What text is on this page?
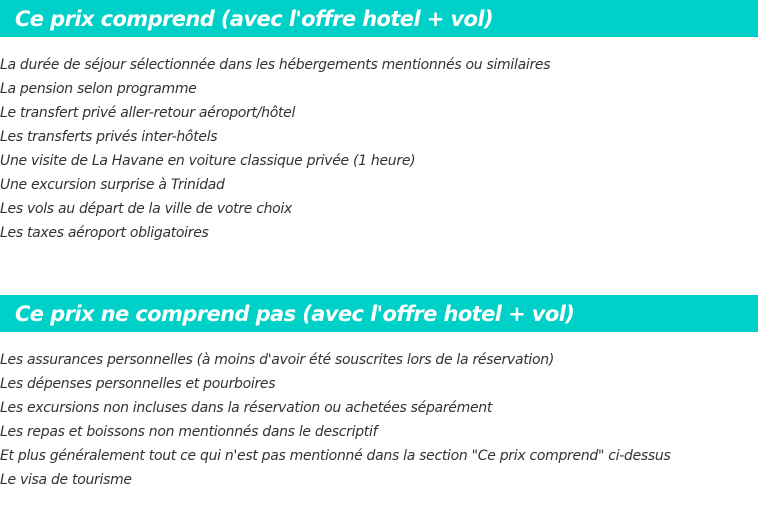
Ce prix comprend (avec l'offre hotel + vol)
La durée de séjour sélectionnée dans les hébergements mentionnés ou similaires
La pension selon programme
Le transfert privé aller-retour aéroport/hôtel
Les transferts privés inter-hôtels
Une visite de La Havane en voiture classique privée (1 heure)
Une excursion surprise à Trinidad
Les vols au départ de la ville de votre choix
Les taxes aéroport obligatoires
Ce prix ne comprend pas (avec l'offre hotel + vol)
Les assurances personnelles (à moins d'avoir été souscrites lors de la réservation)
Les dépenses personnelles et pourboires
Les excursions non incluses dans la réservation ou achetées séparément
Les repas et boissons non mentionnés dans le descriptif
Et plus généralement tout ce qui n'est pas mentionné dans la section "Ce prix comprend" ci-dessus
Le visa de tourisme
